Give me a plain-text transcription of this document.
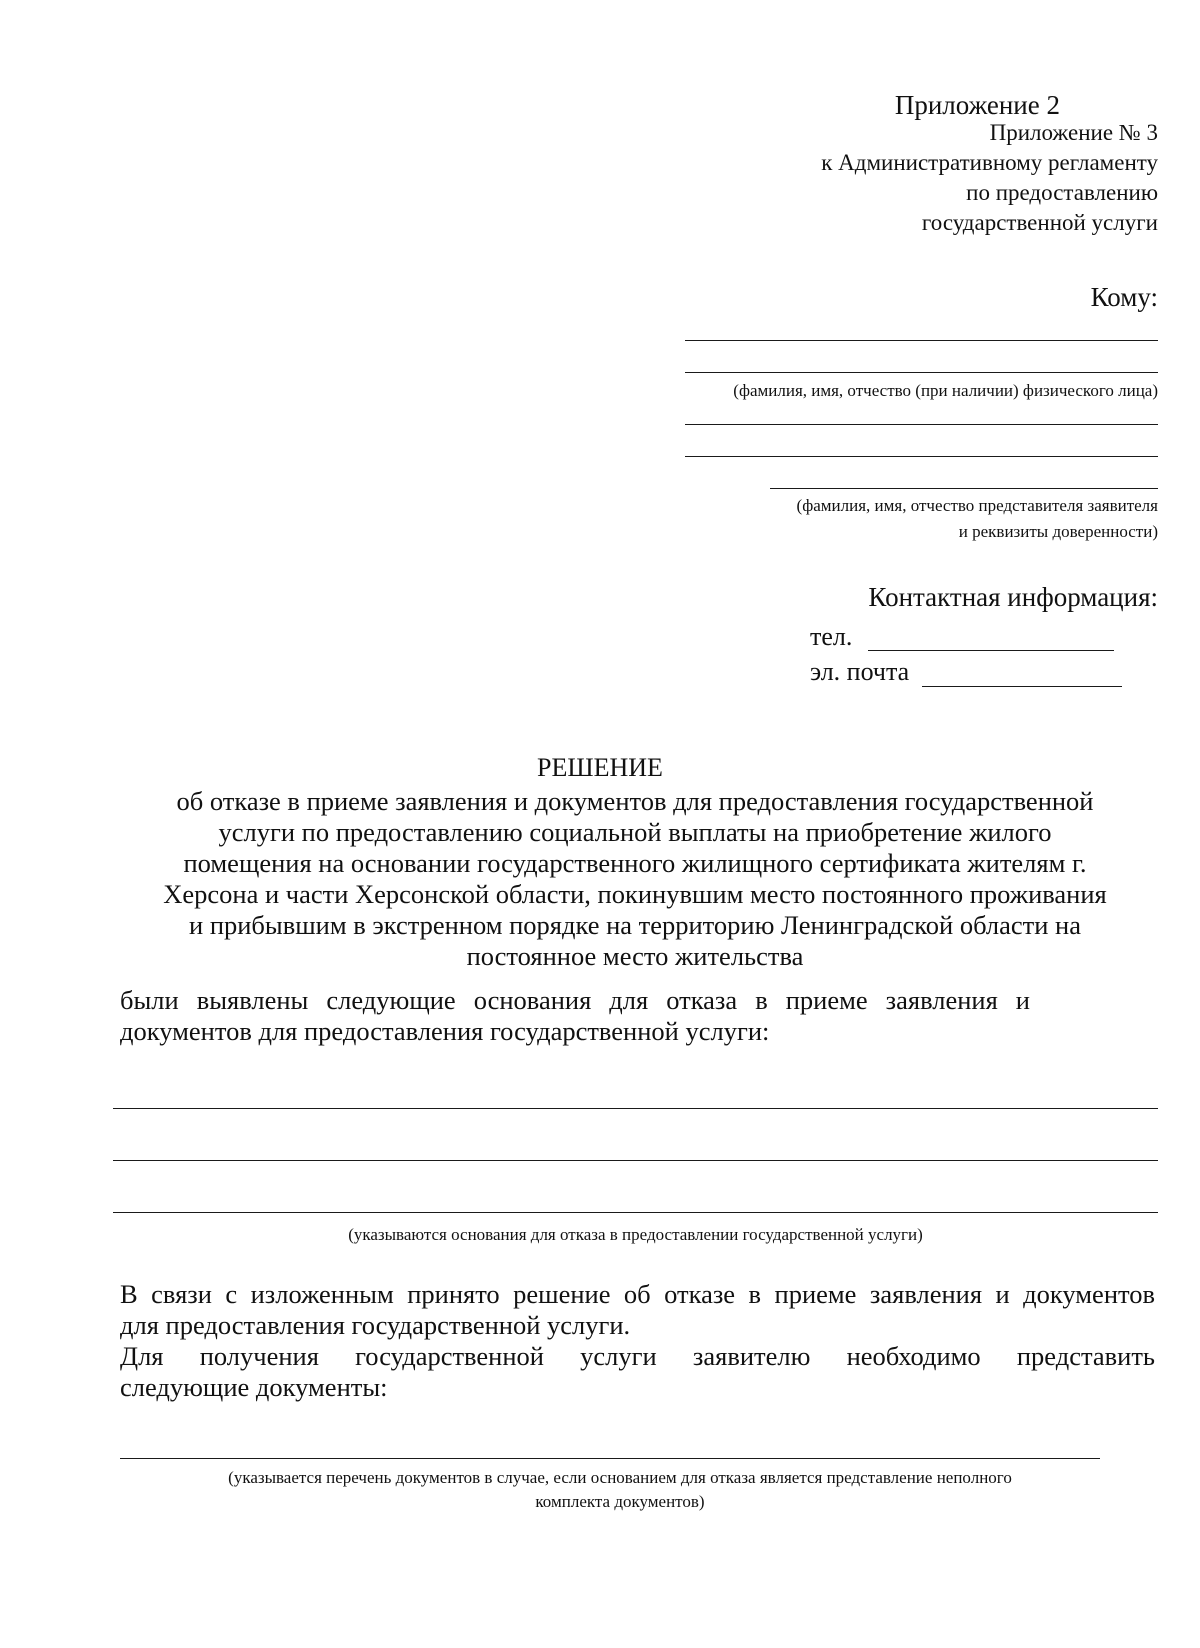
Приложение 2
Приложение № 3
к Административному регламенту
по предоставлению
государственной услуги
Кому:
(фамилия, имя, отчество (при наличии) физического лица)
(фамилия, имя, отчество представителя заявителя
и реквизиты доверенности)
Контактная информация:
тел.
эл. почта
РЕШЕНИЕ
об отказе в приеме заявления и документов для предоставления государственной
услуги по предоставлению социальной выплаты на приобретение жилого
помещения на основании государственного жилищного сертификата жителям г.
Херсона и части Херсонской области, покинувшим место постоянного проживания
и прибывшим в экстренном порядке на территорию Ленинградской области на
постоянное место жительства
были выявлены следующие основания для отказа в приеме заявления и
документов для предоставления государственной услуги:
(указываются основания для отказа в предоставлении государственной услуги)
В связи с изложенным принято решение об отказе в приеме заявления и документов
для предоставления государственной услуги.
Для получения государственной услуги заявителю необходимо представить
следующие документы:
(указывается перечень документов в случае, если основанием для отказа является представление неполного
комплекта документов)
